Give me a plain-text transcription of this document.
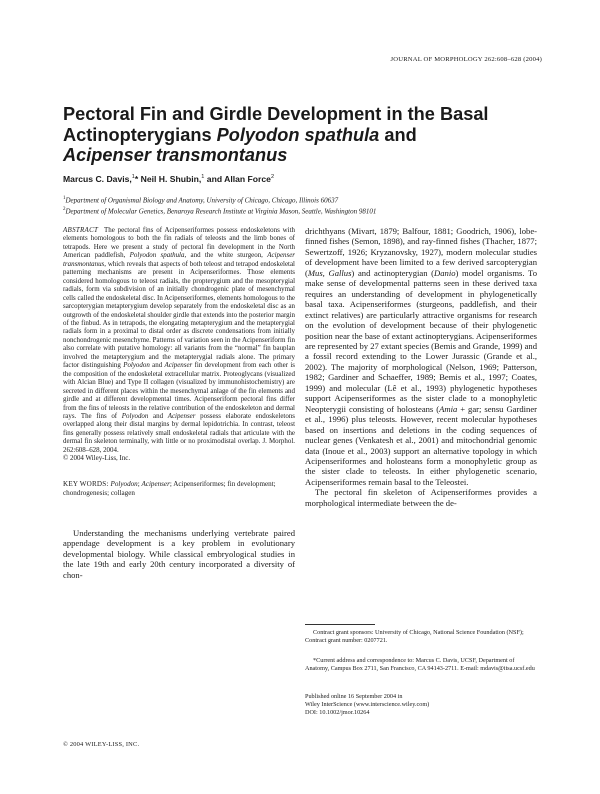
JOURNAL OF MORPHOLOGY 262:608–628 (2004)
Pectoral Fin and Girdle Development in the Basal
Actinopterygians Polyodon spathula and
Acipenser transmontanus
Marcus C. Davis,$^1$* Neil H. Shubin,$^1$ and Allan Force$^2$
$^1$Department of Organismal Biology and Anatomy, University of Chicago, Chicago, Illinois 60637
$^2$Department of Molecular Genetics, Benaroya Research Institute at Virginia Mason, Seattle, Washington 98101

ABSTRACT The pectoral fins of Acipenseriformes possess endoskeletons with elements homologous to both the fin radials of teleosts and the limb bones of tetrapods. Here we present a study of pectoral fin development in the North American paddlefish, Polyodon spathula, and the white sturgeon, Acipenser transmontanus, which reveals that aspects of both teleost and tetrapod endoskeletal patterning mechanisms are present in Acipenseriformes. Those elements considered homologous to teleost radials, the propterygium and the mesopterygial radials, form via subdivision of an initially chondrogenic plate of mesenchymal cells called the endoskeletal disc. In Acipenseriformes, elements homologous to the sarcopterygian metapterygium develop separately from the endoskeletal disc as an outgrowth of the endoskeletal shoulder girdle that extends into the posterior margin of the finbud. As in tetrapods, the elongating metapterygium and the metapterygial radials form in a proximal to distal order as discrete condensations from initially nonchondrogenic mesenchyme. Patterns of variation seen in the Acipenseriform fin also correlate with putative homology: all variants from the “normal” fin bauplan involved the metapterygium and the metapterygial radials alone. The primary factor distinguishing Polyodon and Acipenser fin development from each other is the composition of the endoskeletal extracellular matrix. Proteoglycans (visualized with Alcian Blue) and Type II collagen (visualized by immunohistochemistry) are secreted in different places within the mesenchymal anlage of the fin elements and girdle and at different developmental times. Acipenseriform pectoral fins differ from the fins of teleosts in the relative contribution of the endoskeleton and dermal rays. The fins of Polyodon and Acipenser possess elaborate endoskeletons overlapped along their distal margins by dermal lepidotrichia. In contrast, teleost fins generally possess relatively small endoskeletal radials that articulate with the dermal fin skeleton terminally, with little or no proximodistal overlap. J. Morphol. 262:608–628, 2004.
© 2004 Wiley-Liss, Inc.

KEY WORDS: Polyodon; Acipenser; Acipenseriformes; fin development; chondrogenesis; collagen

Understanding the mechanisms underlying vertebrate paired appendage development is a key problem in evolutionary developmental biology. While classical embryological studies in the late 19th and early 20th century incorporated a diversity of chon-

drichthyans (Mivart, 1879; Balfour, 1881; Goodrich, 1906), lobe-finned fishes (Semon, 1898), and ray-finned fishes (Thacher, 1877; Sewertzoff, 1926; Kryzanovsky, 1927), modern molecular studies of development have been limited to a few derived sarcopterygian (Mus, Gallus) and actinopterygian (Danio) model organisms. To make sense of developmental patterns seen in these derived taxa requires an understanding of development in phylogenetically basal taxa. Acipenseriformes (sturgeons, paddlefish, and their extinct relatives) are particularly attractive organisms for research on the evolution of development because of their phylogenetic position near the base of extant actinopterygians. Acipenseriformes are represented by 27 extant species (Bemis and Grande, 1999) and a fossil record extending to the Lower Jurassic (Grande et al., 2002). The majority of morphological (Nelson, 1969; Patterson, 1982; Gardiner and Schaeffer, 1989; Bemis et al., 1997; Coates, 1999) and molecular (Lê et al., 1993) phylogenetic hypotheses support Acipenseriformes as the sister clade to a monophyletic Neopterygii consisting of holosteans (Amia + gar; sensu Gardiner et al., 1996) plus teleosts. However, recent molecular hypotheses based on insertions and deletions in the coding sequences of nuclear genes (Venkatesh et al., 2001) and mitochondrial genomic data (Inoue et al., 2003) support an alternative topology in which Acipenseriformes and holosteans form a monophyletic group as the sister clade to teleosts. In either phylogenetic scenario, Acipenseriformes remain basal to the Teleostei.

The pectoral fin skeleton of Acipenseriformes provides a morphological intermediate between the de-

Contract grant sponsors: University of Chicago, National Science Foundation (NSF); Contract grant number: 0207721.

*Current address and correspondence to: Marcus C. Davis, UCSF, Department of Anatomy, Campus Box 2711, San Francisco, CA 94143-2711. E-mail: mdavis@itsa.ucsf.edu

Published online 16 September 2004 in
Wiley InterScience (www.interscience.wiley.com)
DOI: 10.1002/jmor.10264
© 2004 WILEY-LISS, INC.
